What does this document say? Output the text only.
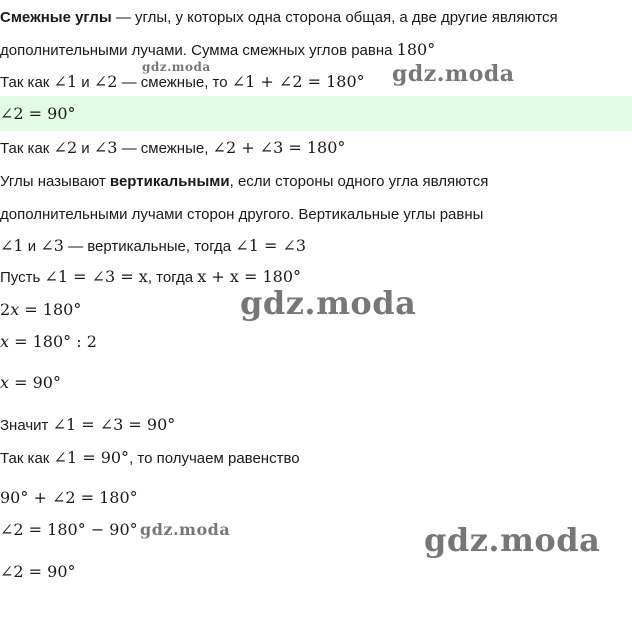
Смежные углы — углы, у которых одна сторона общая, а две другие являются
дополнительными лучами. Сумма смежных углов равна 180°
Так как ∠1 и ∠2 — смежные, то ∠1 + ∠2 = 180°
∠2 = 90°
Так как ∠2 и ∠3 — смежные, ∠2 + ∠3 = 180°
Углы называют вертикальными, если стороны одного угла являются
дополнительными лучами сторон другого. Вертикальные углы равны
∠1 и ∠3 — вертикальные, тогда ∠1 = ∠3
Пусть ∠1 = ∠3 = x, тогда x + x = 180°
2x = 180°
x = 180° : 2
x = 90°
Значит ∠1 = ∠3 = 90°
Так как ∠1 = 90°, то получаем равенство
90° + ∠2 = 180°
∠2 = 180° − 90°
∠2 = 90°
gdz.moda	gdz.moda
gdz.moda
gdz.moda	gdz.moda
